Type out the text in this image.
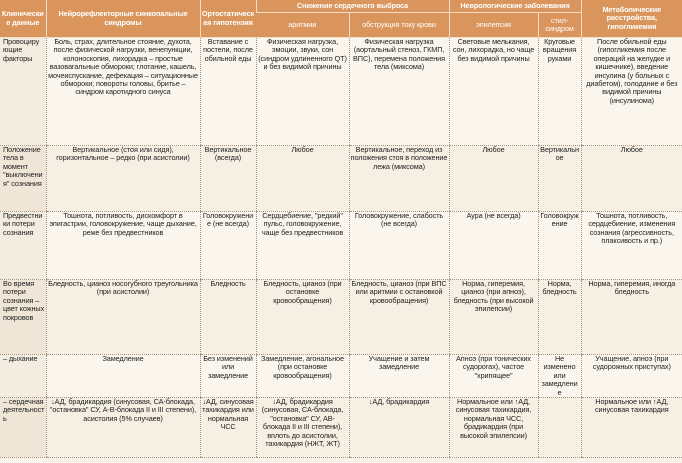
Клинические данные	Нейрорефлекторные синкопальные синдромы	Ортостатическая гипотензия	Снижение сердечного выброса		Неврологические заболевания		Метаболические расстройства, гипогликемия
			аритмии	обструкция току крови	эпилепсия	стил-синдром	
Провоцирующие факторы	Боль, страх, длительное стояние, духота, после физической нагрузки, венепункции, колоноскопия, лихорадка – простые вазовагальные обмороки; глотание, кашель, мочеиспускание, дефекация – ситуационные обмороки; повороты головы, бритье – синдром каротидного синуса	Вставание с постели, после обильной еды	Физическая нагрузка, эмоции, звуки, сон (синдром удлиненного QT) и без видимой причины	Физическая нагрузка (аортальный стеноз, ГКМП, ВПС), перемена положения тела (миксома)	Световые мелькания, сон, лихорадка, но чаще без видимой причины	Круговые вращения руками	После обильной еды (гипогликемия после операций на желудке и кишечнике), введение инсулина (у больных с диабетом), голодание и без видимой причины (инсулинома)
Положение тела в момент "выключения" сознания	Вертикальное (стоя или сидя), горизонтальное – редко (при асистолии)	Вертикальное (всегда)	Любое	Вертикальное, переход из положения стоя в положение лежа (миксома)	Любое	Вертикальное	Любое
Предвестники потери сознания	Тошнота, потливость, дискомфорт в эпигастрии, головокружение, чаще дыхание, реже без предвестников	Головокружение (не всегда)	Сердцебиение, "редкий" пульс, головокружение, чаще без предвестников	Головокружение, слабость (не всегда)	Аура (не всегда)	Головокружение	Тошнота, потливость, сердцебиение, изменения сознания (агрессивность, плаксивость и пр.)
Во время потери сознания – цвет кожных покровов	Бледность, цианоз носогубного треугольника (при асистолии)	Бледность	Бледность, цианоз (при остановке кровообращения)	Бледность, цианоз (при ВПС или аритмии с остановкой кровообращения)	Норма, гиперемия, цианоз (при апноэ), бледность (при высокой эпилепсии)	Норма, бледность	Норма, гиперемия, иногда бледность
– дыхание	Замедление	Без изменений или замедление	Замедление, агональное (при остановке кровообращения)	Учащение и затем замедление	Апноэ (при тонических судорогах), частое "хрипящее"	Не изменено или замедление	Учащение, апноэ (при судорожных приступах)
– сердечная деятельность	↓АД, брадикардия (синусовая, СА-блокада, "остановка" СУ, А-В-блокада II и III степени), асистолия (5% случаев)	↓АД, синусовая тахикардия или нормальная ЧСС	↓АД, брадикардия (синусовая, СА-блокада, "остановка" СУ, АВ-блокада II и III степени), вплоть до асистолии, тахикардия (НЖТ, ЖТ)	↓АД, брадикардия	Нормальное или ↑АД, синусовая тахикардия, нормальная ЧСС, брадикардия (при высокой эпилепсии)		Нормальное или ↑АД, синусовая тахикардия
